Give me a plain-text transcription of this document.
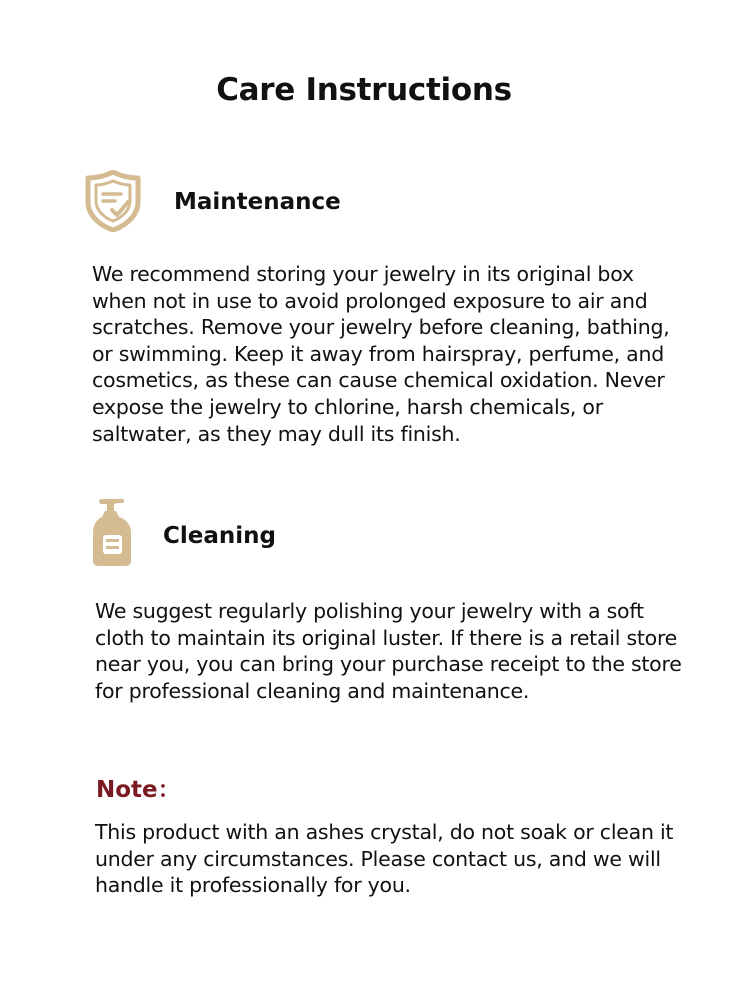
Care Instructions
Maintenance
We recommend storing your jewelry in its original box
when not in use to avoid prolonged exposure to air and
scratches. Remove your jewelry before cleaning, bathing,
or swimming. Keep it away from hairspray, perfume, and
cosmetics, as these can cause chemical oxidation. Never
expose the jewelry to chlorine, harsh chemicals, or
saltwater, as they may dull its finish.
Cleaning
We suggest regularly polishing your jewelry with a soft
cloth to maintain its original luster. If there is a retail store
near you, you can bring your purchase receipt to the store
for professional cleaning and maintenance.
Note：
This product with an ashes crystal, do not soak or clean it
under any circumstances. Please contact us, and we will
handle it professionally for you.
